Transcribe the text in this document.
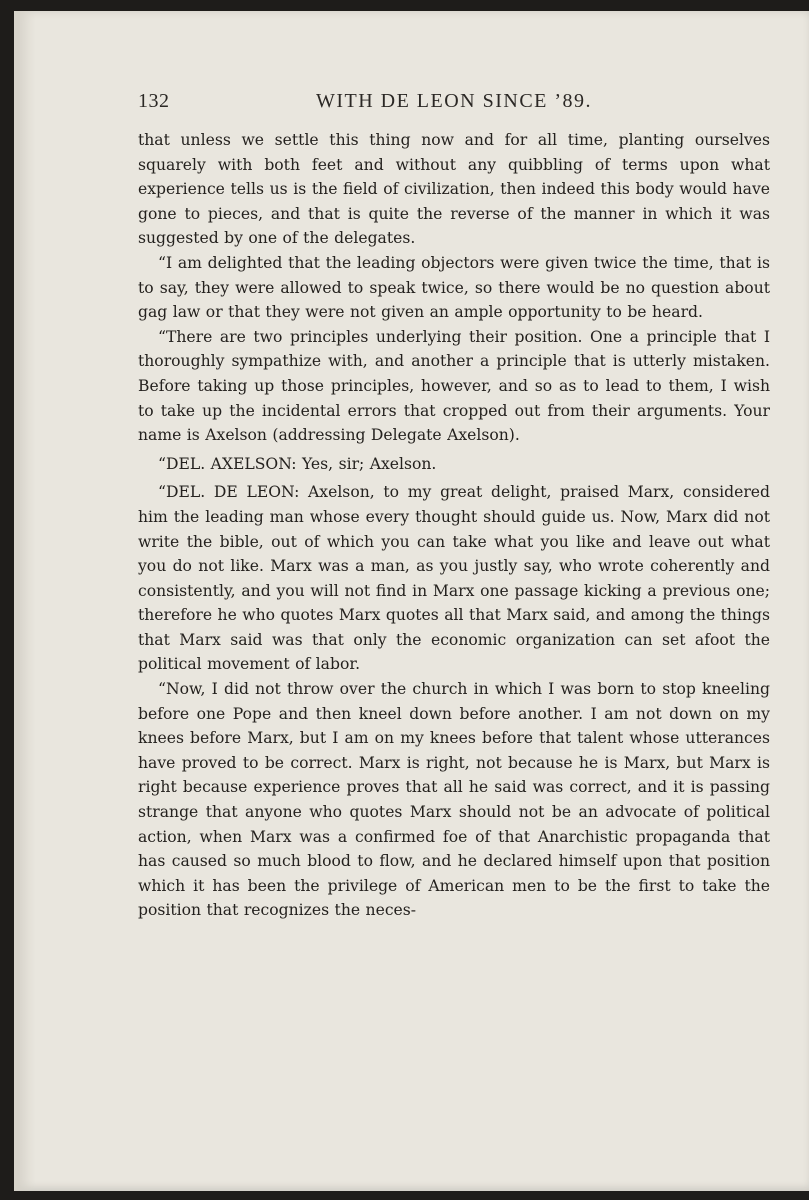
132	WITH DE LEON SINCE ’89.

that unless we settle this thing now and for all time, planting ourselves squarely with both feet and without any quibbling of terms upon what experience tells us is the field of civilization, then indeed this body would have gone to pieces, and that is quite the reverse of the manner in which it was suggested by one of the delegates.

“I am delighted that the leading objectors were given twice the time, that is to say, they were allowed to speak twice, so there would be no question about gag law or that they were not given an ample opportunity to be heard.

“There are two principles underlying their position. One a principle that I thoroughly sympathize with, and another a principle that is utterly mistaken. Before taking up those principles, however, and so as to lead to them, I wish to take up the incidental errors that cropped out from their arguments. Your name is Axelson (addressing Delegate Axelson).

“DEL. AXELSON: Yes, sir; Axelson.

“DEL. DE LEON: Axelson, to my great delight, praised Marx, considered him the leading man whose every thought should guide us. Now, Marx did not write the bible, out of which you can take what you like and leave out what you do not like. Marx was a man, as you justly say, who wrote coherently and consistently, and you will not find in Marx one passage kicking a previous one; therefore he who quotes Marx quotes all that Marx said, and among the things that Marx said was that only the economic organization can set afoot the political movement of labor.

“Now, I did not throw over the church in which I was born to stop kneeling before one Pope and then kneel down before another. I am not down on my knees before Marx, but I am on my knees before that talent whose utterances have proved to be correct. Marx is right, not because he is Marx, but Marx is right because experience proves that all he said was correct, and it is passing strange that anyone who quotes Marx should not be an advocate of political action, when Marx was a confirmed foe of that Anarchistic propaganda that has caused so much blood to flow, and he declared himself upon that position which it has been the privilege of American men to be the first to take the position that recognizes the neces-
